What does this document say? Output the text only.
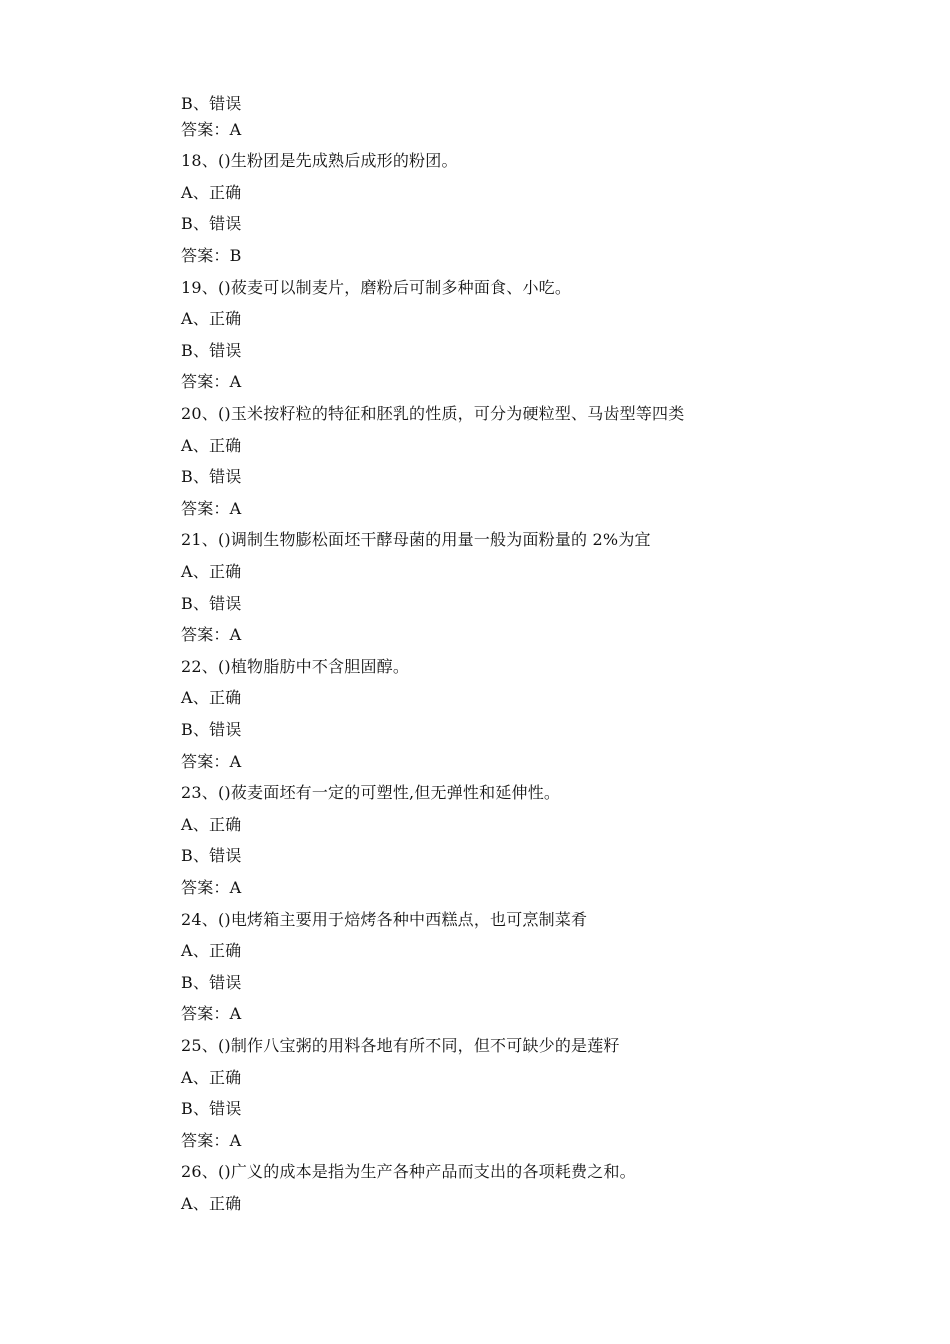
B、错误
答案：A
18、()生粉团是先成熟后成形的粉团。
A、正确
B、错误
答案：B
19、()莜麦可以制麦片，磨粉后可制多种面食、小吃。
A、正确
B、错误
答案：A
20、()玉米按籽粒的特征和胚乳的性质，可分为硬粒型、马齿型等四类
A、正确
B、错误
答案：A
21、()调制生物膨松面坯干酵母菌的用量一般为面粉量的 2%为宜
A、正确
B、错误
答案：A
22、()植物脂肪中不含胆固醇。
A、正确
B、错误
答案：A
23、()莜麦面坯有一定的可塑性,但无弹性和延伸性。
A、正确
B、错误
答案：A
24、()电烤箱主要用于焙烤各种中西糕点，也可烹制菜肴
A、正确
B、错误
答案：A
25、()制作八宝粥的用料各地有所不同，但不可缺少的是莲籽
A、正确
B、错误
答案：A
26、()广义的成本是指为生产各种产品而支出的各项耗费之和。
A、正确
